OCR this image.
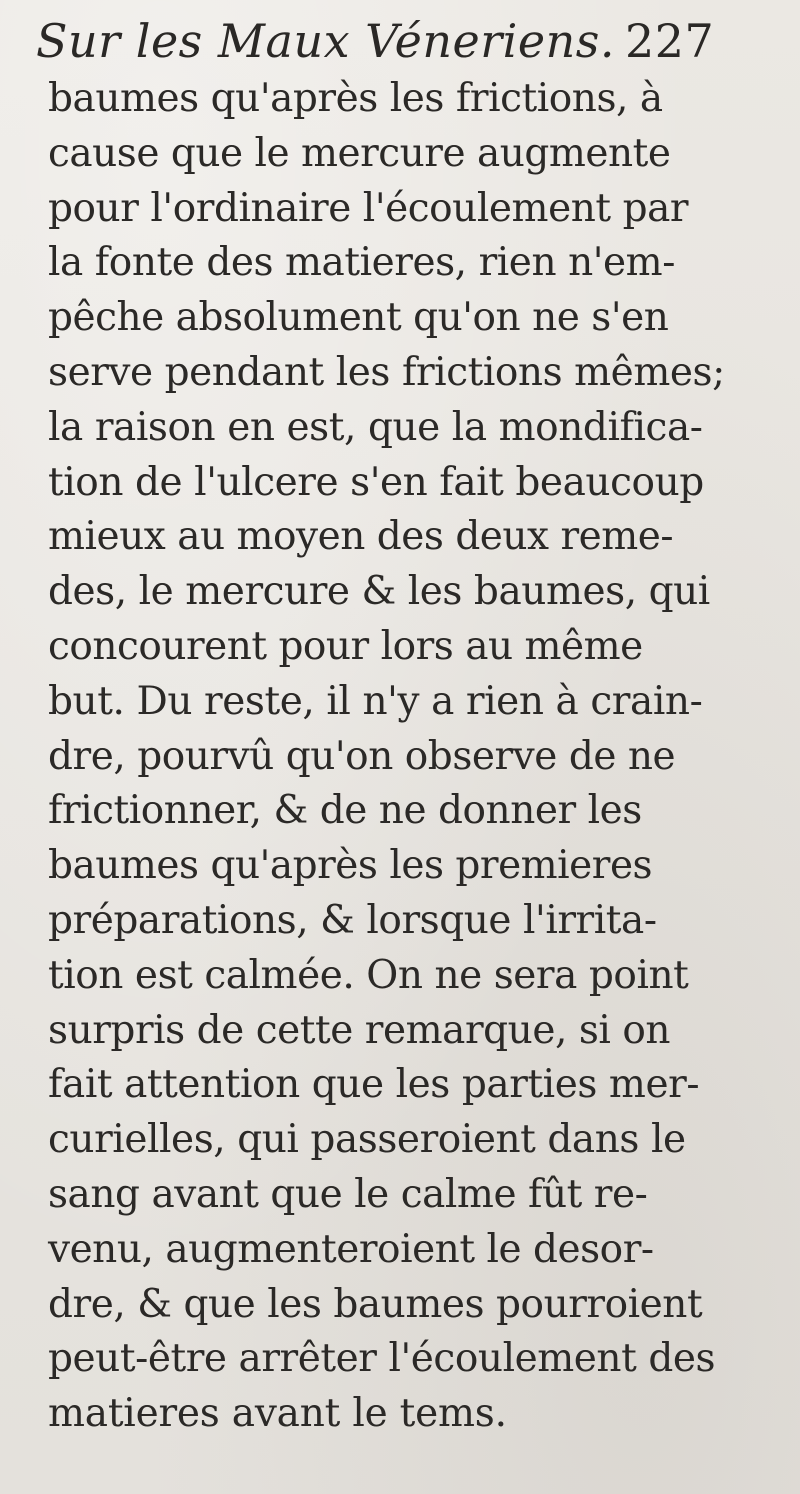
Sur les Maux Véneriens. 227
baumes qu'après les frictions, à
cause que le mercure augmente
pour l'ordinaire l'écoulement par
la fonte des matieres, rien n'em-
pêche absolument qu'on ne s'en
serve pendant les frictions mêmes;
la raison en est, que la mondifica-
tion de l'ulcere s'en fait beaucoup
mieux au moyen des deux reme-
des, le mercure & les baumes, qui
concourent pour lors au même
but. Du reste, il n'y a rien à crain-
dre, pourvû qu'on observe de ne
frictionner, & de ne donner les
baumes qu'après les premieres
préparations, & lorsque l'irrita-
tion est calmée. On ne sera point
surpris de cette remarque, si on
fait attention que les parties mer-
curielles, qui passeroient dans le
sang avant que le calme fût re-
venu, augmenteroient le desor-
dre, & que les baumes pourroient
peut-être arrêter l'écoulement des
matieres avant le tems.
